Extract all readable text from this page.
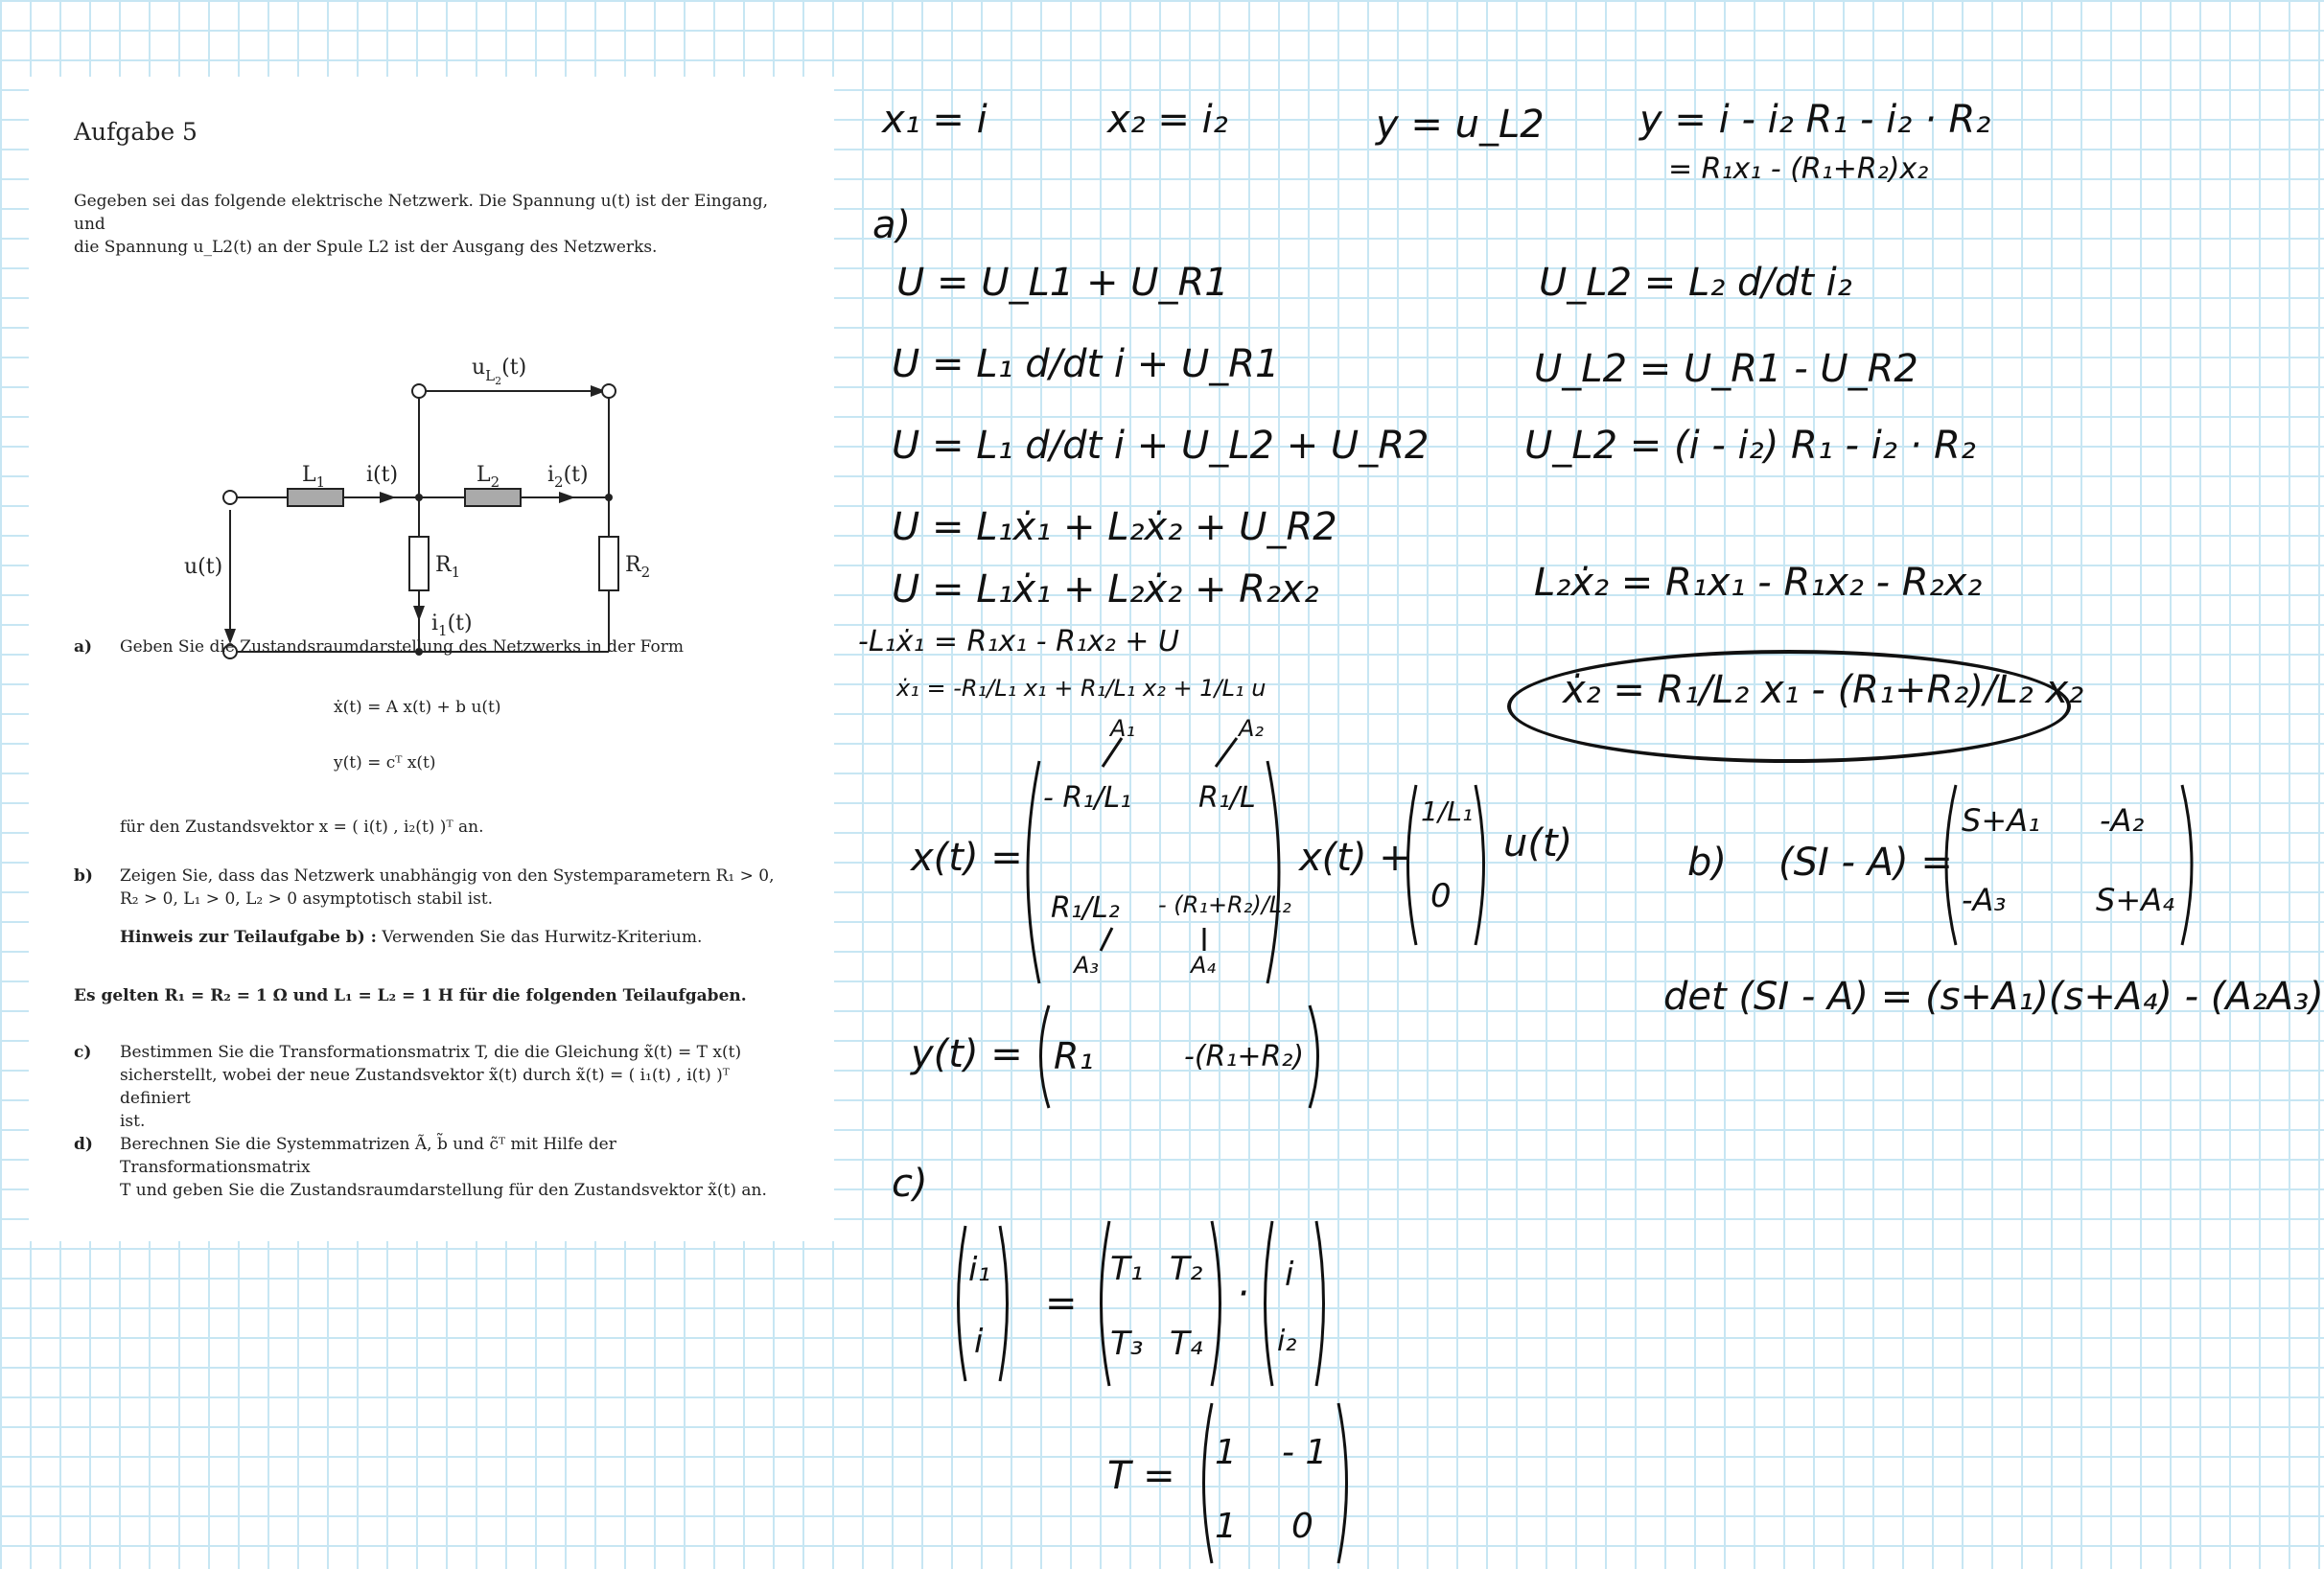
Aufgabe 5
Gegeben sei das folgende elektrische Netzwerk. Die Spannung u(t) ist der Eingang, und
die Spannung u_L2(t) an der Spule L2 ist der Ausgang des Netzwerks.
$u_L2(t)$
$L_1$ i(t)	$L_2$ $i_2(t)$
u(t)	$R_1$	$R_2$
$i_1(t)$
a) Geben Sie die Zustandsraumdarstellung des Netzwerks in der Form
ẋ(t) = A x(t) + b u(t)
y(t) = cᵀ x(t)
für den Zustandsvektor x = ( i(t) , i₂(t) )ᵀ an.
b) Zeigen Sie, dass das Netzwerk unabhängig von den Systemparametern R₁ > 0,
R₂ > 0, L₁ > 0, L₂ > 0 asymptotisch stabil ist.
Hinweis zur Teilaufgabe b) : Verwenden Sie das Hurwitz-Kriterium.
Es gelten R₁ = R₂ = 1 Ω und L₁ = L₂ = 1 H für die folgenden Teilaufgaben.
c) Bestimmen Sie die Transformationsmatrix T, die die Gleichung x̃(t) = T x(t)
sicherstellt, wobei der neue Zustandsvektor x̃(t) durch x̃(t) = ( i₁(t) , i(t) )ᵀ definiert
ist.
d) Berechnen Sie die Systemmatrizen Ã, b̃ und c̃ᵀ mit Hilfe der Transformationsmatrix
T und geben Sie die Zustandsraumdarstellung für den Zustandsvektor x̃(t) an.
x₁ = i	x₂ = i₂	y = u_L2 y = i - i₂ R₁ - i₂ · R₂
= R₁x₁ - (R₁+R₂)x₂
a)
U = U_L1 + U_R1
U = L₁ d/dt i + U_R1
U = L₁ d/dt i + U_L2 + U_R2
U = L₁ẋ₁ + L₂ẋ₂ + U_R2
U = L₁ẋ₁ + L₂ẋ₂ + R₂x₂
-L₁ẋ₁ = R₁x₁ - R₁x₂ + U
ẋ₁ = -R₁/L₁ x₁ + R₁/L₁ x₂ + 1/L₁ u
U_L2 = L₂ d/dt i₂
U_L2 = U_R1 - U_R2
U_L2 = (i - i₂) R₁ - i₂ · R₂
L₂ẋ₂ = R₁x₁ - R₁x₂ - R₂x₂
ẋ₂ = R₁/L₂ x₁ - (R₁+R₂)/L₂ x₂
A₁	A₂
A₃	A₄
x(t) =
- R₁/L₁ R₁/L
R₁/L₂ - (R₁+R₂)/L₂
x(t) +
1/L₁
0
u(t)
y(t) = R₁	-(R₁+R₂)
b) (SI - A) =
S+A₁ -A₂
-A₃	S+A₄
det (SI - A) = (s+A₁)(s+A₄) - (A₂A₃)
c)
i₁
i
=
T₁ T₂
T₃ T₄
· i
i₂
T =
1 - 1
1 0
